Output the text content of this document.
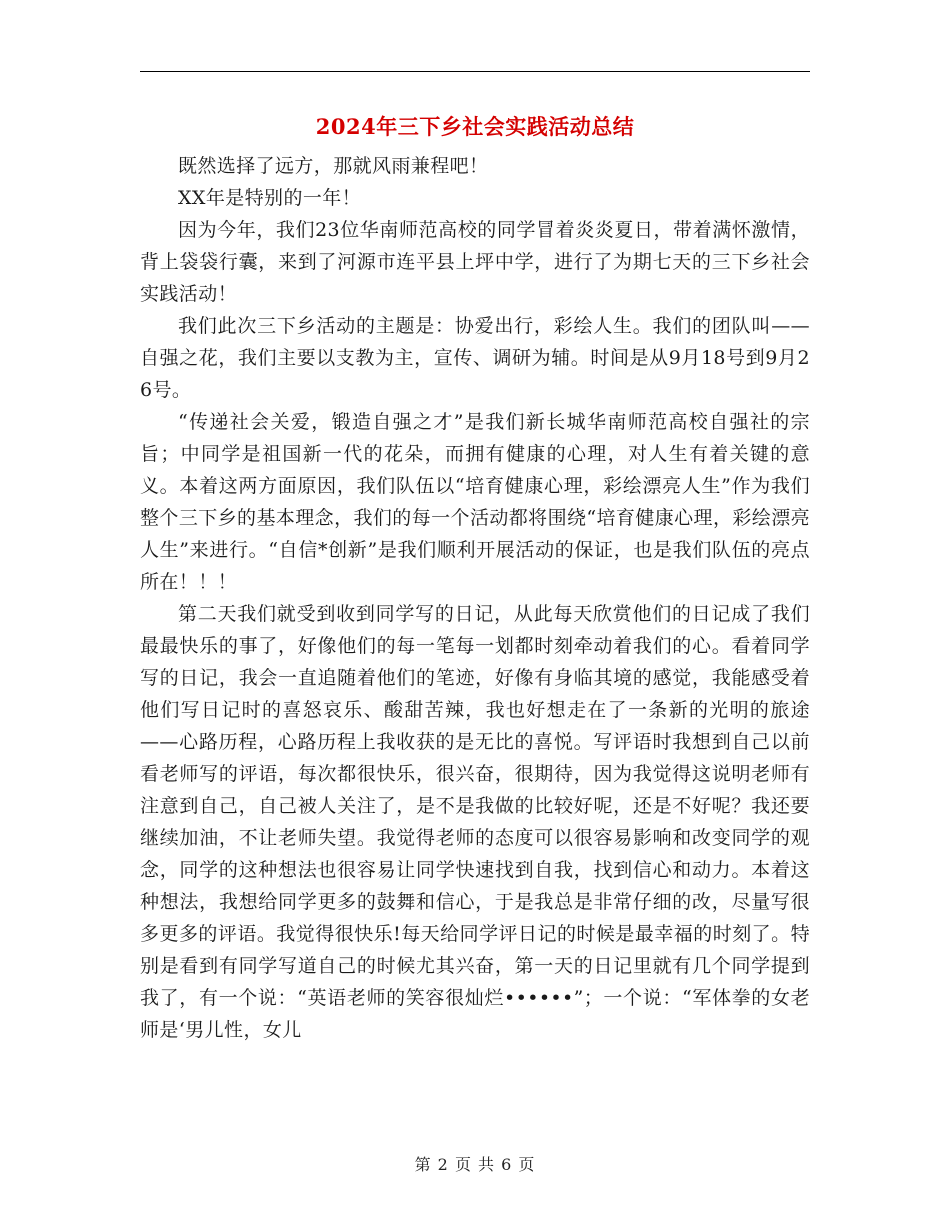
2024年三下乡社会实践活动总结

既然选择了远方，那就风雨兼程吧！

XX年是特别的一年！

因为今年，我们23位华南师范高校的同学冒着炎炎夏日，带着满怀激情，背上袋袋行囊，来到了河源市连平县上坪中学，进行了为期七天的三下乡社会实践活动！

我们此次三下乡活动的主题是：协爱出行，彩绘人生。我们的团队叫——自强之花，我们主要以支教为主，宣传、调研为辅。时间是从9月18号到9月26号。

“传递社会关爱，锻造自强之才”是我们新长城华南师范高校自强社的宗旨；中同学是祖国新一代的花朵，而拥有健康的心理，对人生有着关键的意义。本着这两方面原因，我们队伍以“培育健康心理，彩绘漂亮人生”作为我们整个三下乡的基本理念，我们的每一个活动都将围绕“培育健康心理，彩绘漂亮人生”来进行。“自信*创新”是我们顺利开展活动的保证，也是我们队伍的亮点所在！！！

第二天我们就受到收到同学写的日记，从此每天欣赏他们的日记成了我们最最快乐的事了，好像他们的每一笔每一划都时刻牵动着我们的心。看着同学写的日记，我会一直追随着他们的笔迹，好像有身临其境的感觉，我能感受着他们写日记时的喜怒哀乐、酸甜苦辣，我也好想走在了一条新的光明的旅途——心路历程，心路历程上我收获的是无比的喜悦。写评语时我想到自己以前看老师写的评语，每次都很快乐，很兴奋，很期待，因为我觉得这说明老师有注意到自己，自己被人关注了，是不是我做的比较好呢，还是不好呢？我还要继续加油，不让老师失望。我觉得老师的态度可以很容易影响和改变同学的观念，同学的这种想法也很容易让同学快速找到自我，找到信心和动力。本着这种想法，我想给同学更多的鼓舞和信心，于是我总是非常仔细的改，尽量写很多更多的评语。我觉得很快乐!每天给同学评日记的时候是最幸福的时刻了。特别是看到有同学写道自己的时候尤其兴奋，第一天的日记里就有几个同学提到我了，有一个说：“英语老师的笑容很灿烂••••••”；一个说：“军体拳的女老师是‘男儿性，女儿

第 2 页 共 6 页
